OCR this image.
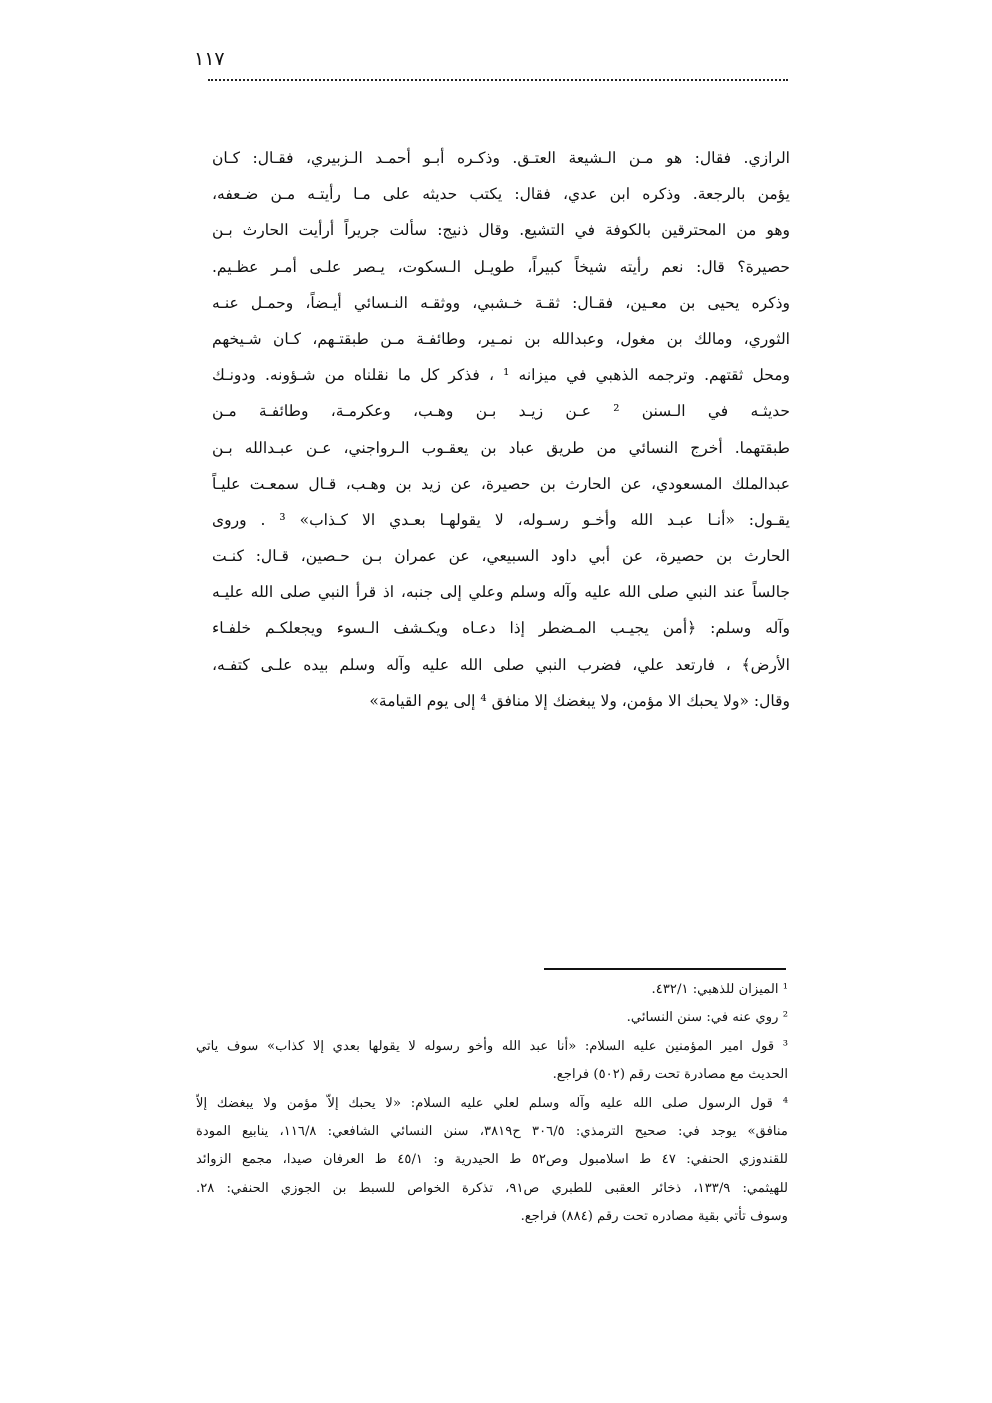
١١٧
الرازي. فقال: هو مـن الـشيعة العتـق. وذكـره أبـو أحمـد الـزبيري، فقـال: كـان
يؤمن بالرجعة. وذكره ابن عدي، فقال: يكتب حديثه على مـا رأيتـه مـن ضـعفه،
وهو من المحترقين بالكوفة في التشيع. وقال ذنيج: سألت جريراً أرأيت الحارث بـن
حصيرة؟ قال: نعم رأيته شيخاً كبيراً، طويـل الـسكوت، يـصر علـى أمـر عظـيم.
وذكره يحيى بن معـين، فقـال: ثقـة خـشبي، ووثقـه النـسائي أيـضاً، وحمـل عنـه
الثوري، ومالك بن مغول، وعبدالله بن نمـير، وطائفـة مـن طبقتـهم، كـان شـيخهم
ومحل ثقتهم. وترجمه الذهبي في ميزانه ¹ ، فذكر كل ما نقلناه من شـؤونه. ودونـك
حديثـه في الـسنن ² عـن زيـد بـن وهـب، وعكرمـة، وطائفـة مـن
طبقتهما. أخرج النسائي من طريق عباد بن يعقـوب الـرواجني، عـن عبـدالله بـن
عبدالملك المسعودي، عن الحارث بن حصيرة، عن زيد بن وهـب، قـال سمعـت عليـاً
يقـول: «أنـا عبـد الله وأخـو رسـوله، لا يقولهـا بعـدي الا كـذاب» ³ . وروى
الحارث بن حصيرة، عن أبي داود السبيعي، عن عمران بـن حـصين، قـال: كنـت
جالساً عند النبي صلى الله عليه وآله وسلم وعلي إلى جنبه، اذ قرأ النبي صلى الله عليـه
وآله وسلم: ﴿أمن يجيـب المـضطر إذا دعـاه ويكـشف الـسوء ويجعلكـم خلفـاء
الأرض﴾ ، فارتعد علي، فضرب النبي صلى الله عليه وآله وسلم بيده علـى كتفـه،
وقال: «ولا يحبك الا مؤمن، ولا يبغضك إلا منافق ⁴ إلى يوم القيامة»
¹ الميزان للذهبي: ٤٣٢/١.
² روي عنه في: سنن النسائي.
³ قول امير المؤمنين عليه السلام: «أنا عبد الله وأخو رسوله لا يقولها بعدي إلا كذاب» سوف ياتي
الحديث مع مصادرة تحت رقم (٥٠٢) فراجع.
⁴ قول الرسول صلى الله عليه وآله وسلم لعلي عليه السلام: «لا يحبك إلاّ مؤمن ولا يبغضك إلاّ
منافق» يوجد في: صحيح الترمذي: ٣٠٦/٥ ح٣٨١٩، سنن النسائي الشافعي: ١١٦/٨، ينابيع المودة
للقندوزي الحنفي: ٤٧ ط اسلامبول وص٥٢ ط الحيدرية و: ٤٥/١ ط العرفان صيدا، مجمع الزوائد
للهيثمي: ١٣٣/٩، ذخائر العقبى للطبري ص٩١، تذكرة الخواص للسبط بن الجوزي الحنفي: ٢٨.
وسوف تأتي بقية مصادره تحت رقم (٨٨٤) فراجع.
